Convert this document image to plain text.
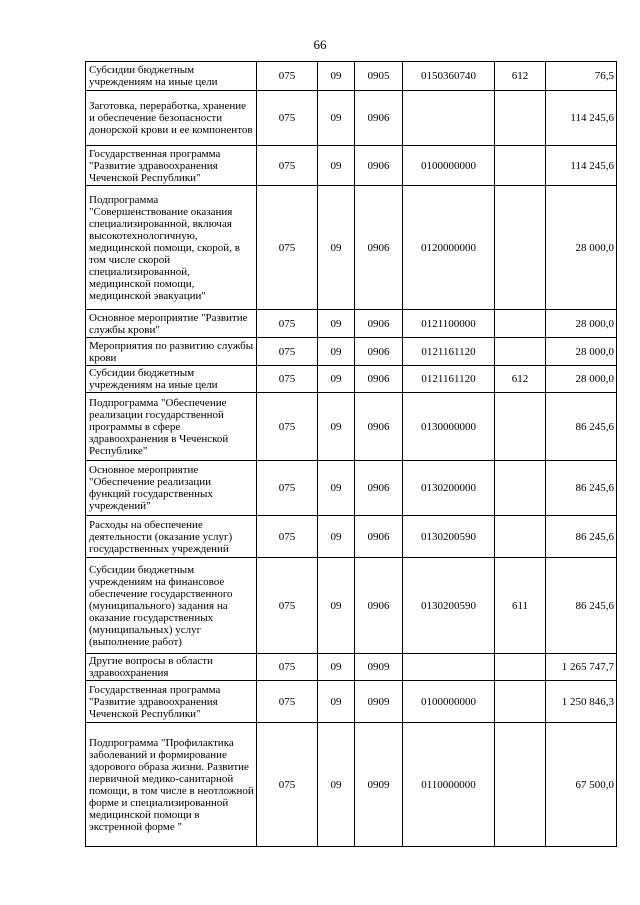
66
Субсидии бюджетным учреждениям на иные цели	075	09	0905	0150360740	612	76,5
Заготовка, переработка, хранение и обеспечение безопасности донорской крови и ее компонентов	075	09	0906			114 245,6
Государственная программа "Развитие здравоохранения Чеченской Республики"	075	09	0906	0100000000		114 245,6
Подпрограмма "Совершенствование оказания специализированной, включая высокотехнологичную, медицинской помощи, скорой, в том числе скорой специализированной, медицинской помощи, медицинской эвакуации"	075	09	0906	0120000000		28 000,0
Основное мероприятие "Развитие службы крови"	075	09	0906	0121100000		28 000,0
Мероприятия по развитию службы крови	075	09	0906	0121161120		28 000,0
Субсидии бюджетным учреждениям на иные цели	075	09	0906	0121161120	612	28 000,0
Подпрограмма "Обеспечение реализации государственной программы в сфере здравоохранения в Чеченской Республике"	075	09	0906	0130000000		86 245,6
Основное мероприятие "Обеспечение реализации функций государственных учреждений"	075	09	0906	0130200000		86 245,6
Расходы на обеспечение деятельности (оказание услуг) государственных учреждений	075	09	0906	0130200590		86 245,6
Субсидии бюджетным учреждениям на финансовое обеспечение государственного (муниципального) задания на оказание государственных (муниципальных) услуг (выполнение работ)	075	09	0906	0130200590	611	86 245,6
Другие вопросы в области здравоохранения	075	09	0909			1 265 747,7
Государственная программа "Развитие здравоохранения Чеченской Республики"	075	09	0909	0100000000		1 250 846,3
Подпрограмма "Профилактика заболеваний и формирование здорового образа жизни. Развитие первичной медико-санитарной помощи, в том числе в неотложной форме и специализированной медицинской помощи в экстренной форме "	075	09	0909	0110000000		67 500,0
